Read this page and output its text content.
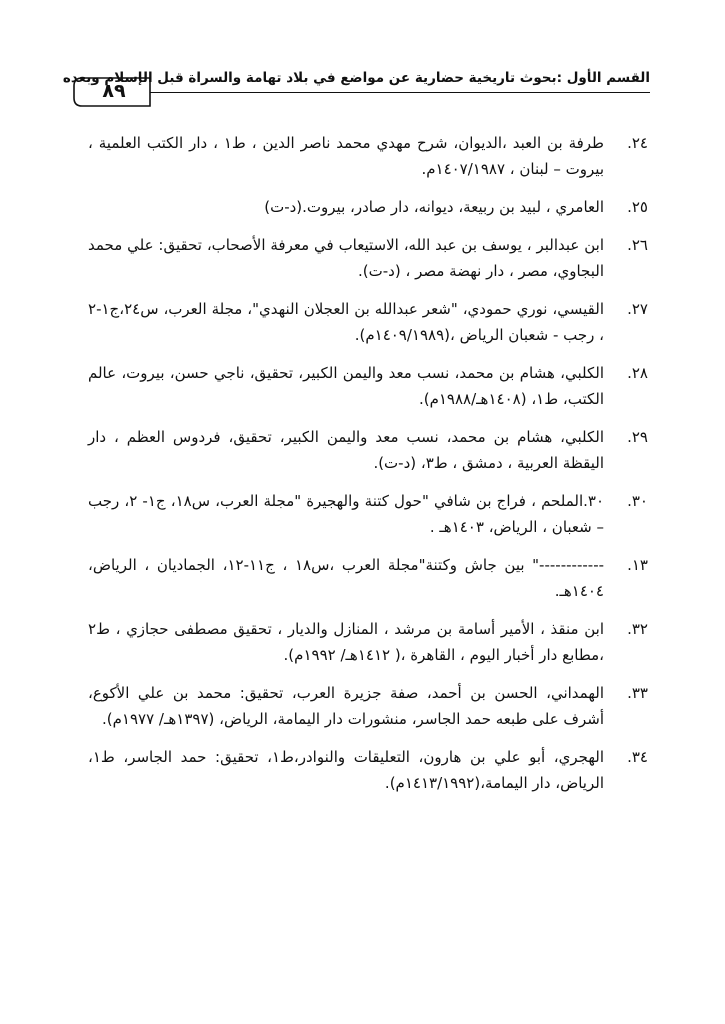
القسم الأول :بحوث تاريخية حضارية عن مواضع في بلاد تهامة والسراة قبل الإسلام وبعده
٨٩
٢٤.
طرفة بن العبد ،الديوان، شرح مهدي محمد ناصر الدين ، ط١ ، دار الكتب العلمية ، بيروت – لبنان ، ١٤٠٧/١٩٨٧م.
٢٥.
العامري ، لبيد بن ربيعة، ديوانه، دار صادر، بيروت.(د-ت)
٢٦.
ابن عبدالبر ، يوسف بن عبد الله، الاستيعاب في معرفة الأصحاب، تحقيق: علي محمد البجاوي، مصر ، دار نهضة مصر ، (د-ت).
٢٧.
القيسي، نوري حمودي، "شعر عبدالله بن العجلان النهدي"، مجلة العرب، س٢٤،ج١-٢ ، رجب - شعبان الرياض ،(١٤٠٩/١٩٨٩م).
٢٨.
الكلبي، هشام بن محمد، نسب معد واليمن الكبير، تحقيق، ناجي حسن، بيروت، عالم الكتب، ط١، (١٤٠٨هـ/١٩٨٨م).
٢٩.
الكلبي، هشام بن محمد، نسب معد واليمن الكبير، تحقيق، فردوس العظم ، دار اليقظة العربية ، دمشق ، ط٣، (د-ت).
٣٠.
٣٠.الملحم ، فراج بن شافي "حول كتنة والهجيرة "مجلة العرب، س١٨، ج١- ٢، رجب – شعبان ، الرياض، ١٤٠٣هـ .
١٣.
------------" بين جاش وكتنة"مجلة العرب ،س١٨ ، ج١١-١٢، الجماديان ، الرياض، ١٤٠٤هـ.
٣٢.
ابن منقذ ، الأمير أسامة بن مرشد ، المنازل والديار ، تحقيق مصطفى حجازي ، ط٢ ،مطابع دار أخبار اليوم ، القاهرة ،( ١٤١٢هـ/ ١٩٩٢م).
٣٣.
الهمداني، الحسن بن أحمد، صفة جزيرة العرب، تحقيق: محمد بن علي الأكوع، أشرف على طبعه حمد الجاسر، منشورات دار اليمامة، الرياض، (١٣٩٧هـ/ ١٩٧٧م).
٣٤.
الهجري، أبو علي بن هارون، التعليقات والنوادر،ط١، تحقيق: حمد الجاسر، ط١، الرياض، دار اليمامة،(١٤١٣/١٩٩٢م).
